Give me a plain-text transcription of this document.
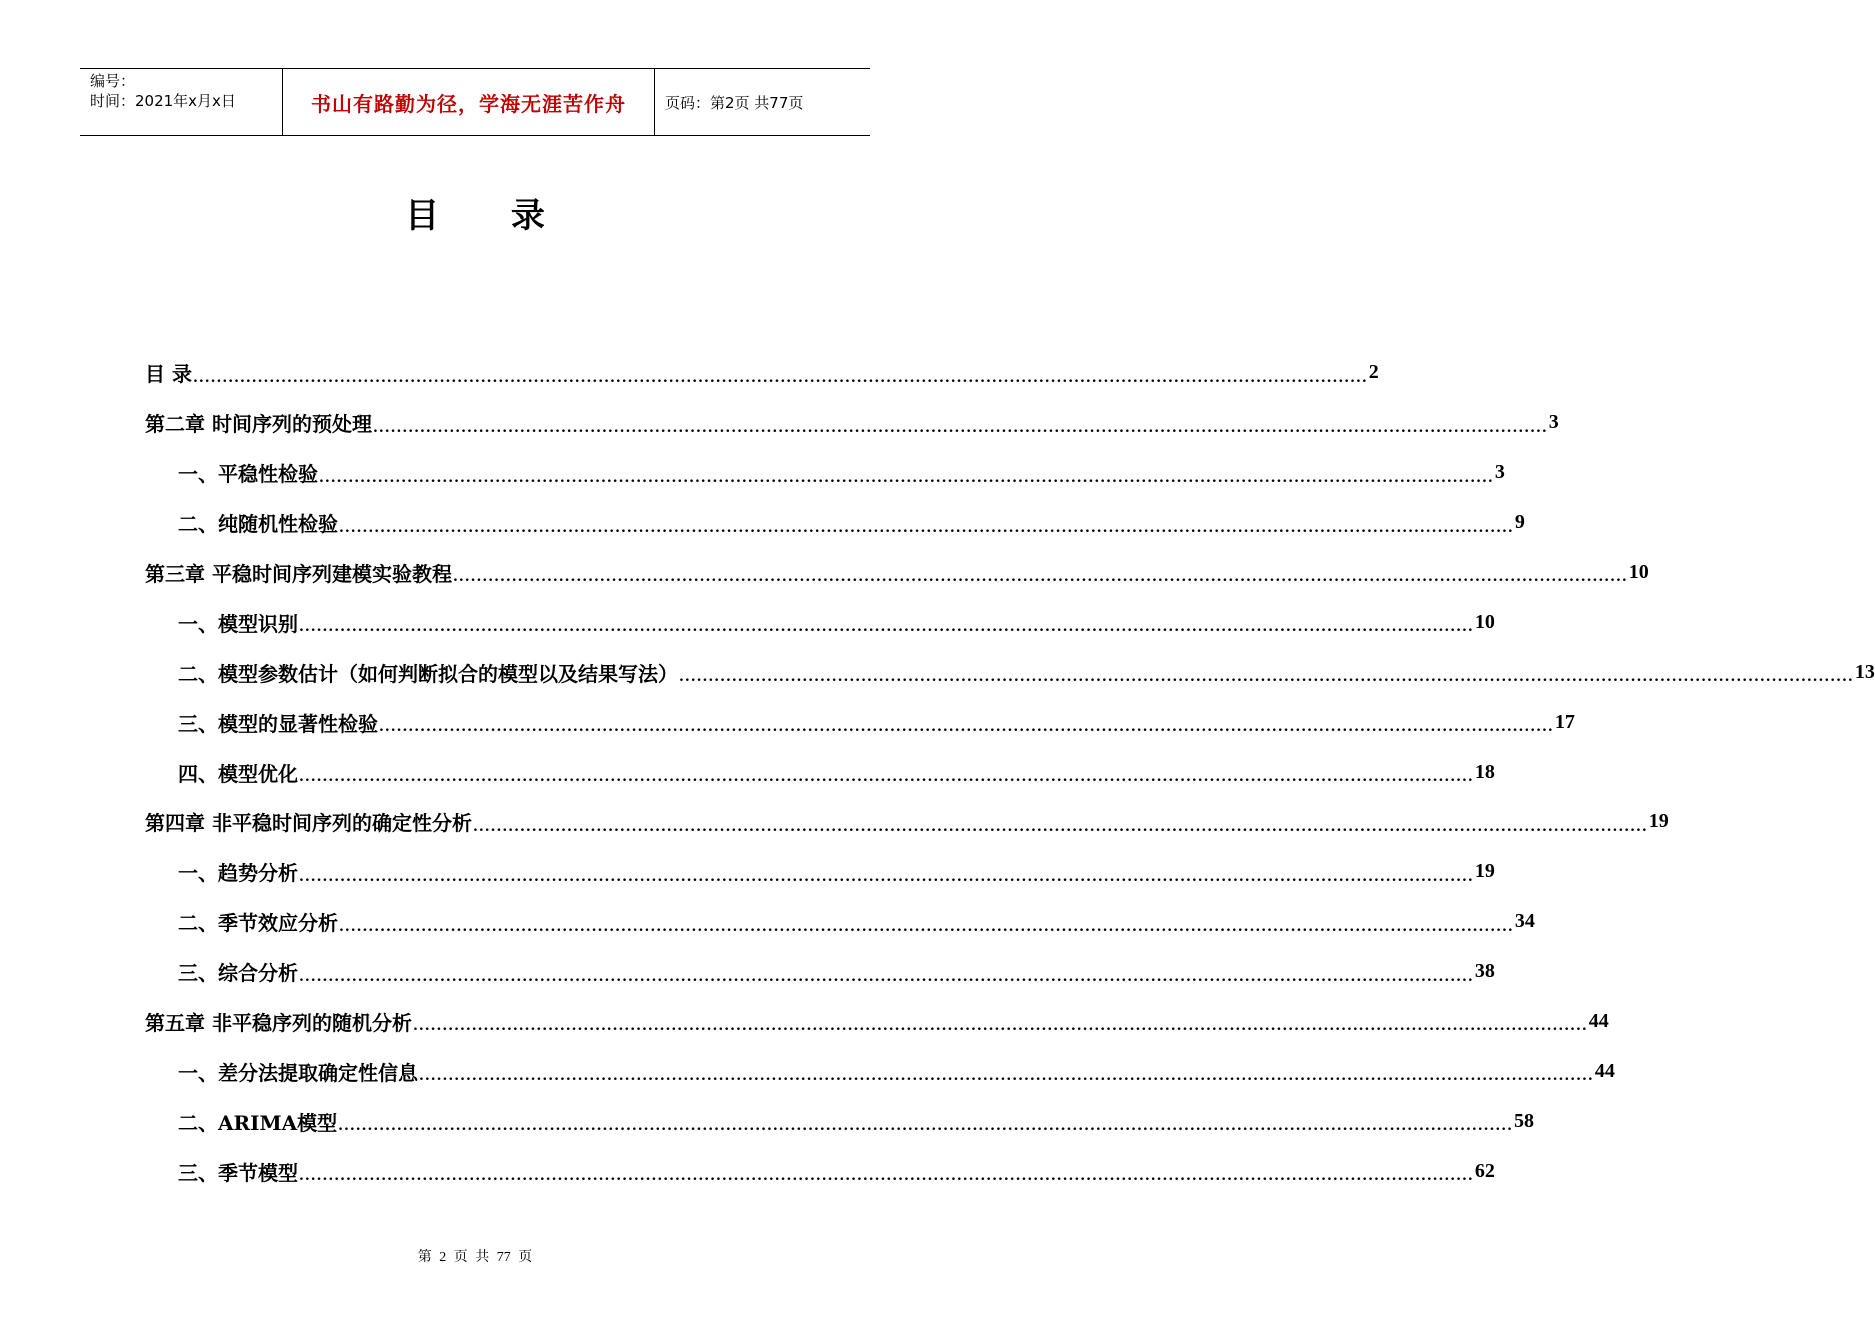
编号：
时间：2021年x月x日	书山有路勤为径，学海无涯苦作舟	页码：第2页 共77页
目 录
目 录 ........................................................................................................................................................................................................ 2
第二章 时间序列的预处理 ........................................................................................................................................................................................................ 3
一、平稳性检验 ........................................................................................................................................................................................................ 3
二、纯随机性检验 ........................................................................................................................................................................................................ 9
第三章 平稳时间序列建模实验教程 ........................................................................................................................................................................................................ 10
一、模型识别 ........................................................................................................................................................................................................ 10
二、模型参数估计（如何判断拟合的模型以及结果写法） ........................................................................................................................................................................................................ 13
三、模型的显著性检验 ........................................................................................................................................................................................................ 17
四、模型优化 ........................................................................................................................................................................................................ 18
第四章 非平稳时间序列的确定性分析 ........................................................................................................................................................................................................ 19
一、趋势分析 ........................................................................................................................................................................................................ 19
二、季节效应分析 ........................................................................................................................................................................................................ 34
三、综合分析 ........................................................................................................................................................................................................ 38
第五章 非平稳序列的随机分析 ........................................................................................................................................................................................................ 44
一、差分法提取确定性信息 ........................................................................................................................................................................................................ 44
二、ARIMA模型 ........................................................................................................................................................................................................ 58
三、季节模型 ........................................................................................................................................................................................................ 62
第 2 页 共 77 页
